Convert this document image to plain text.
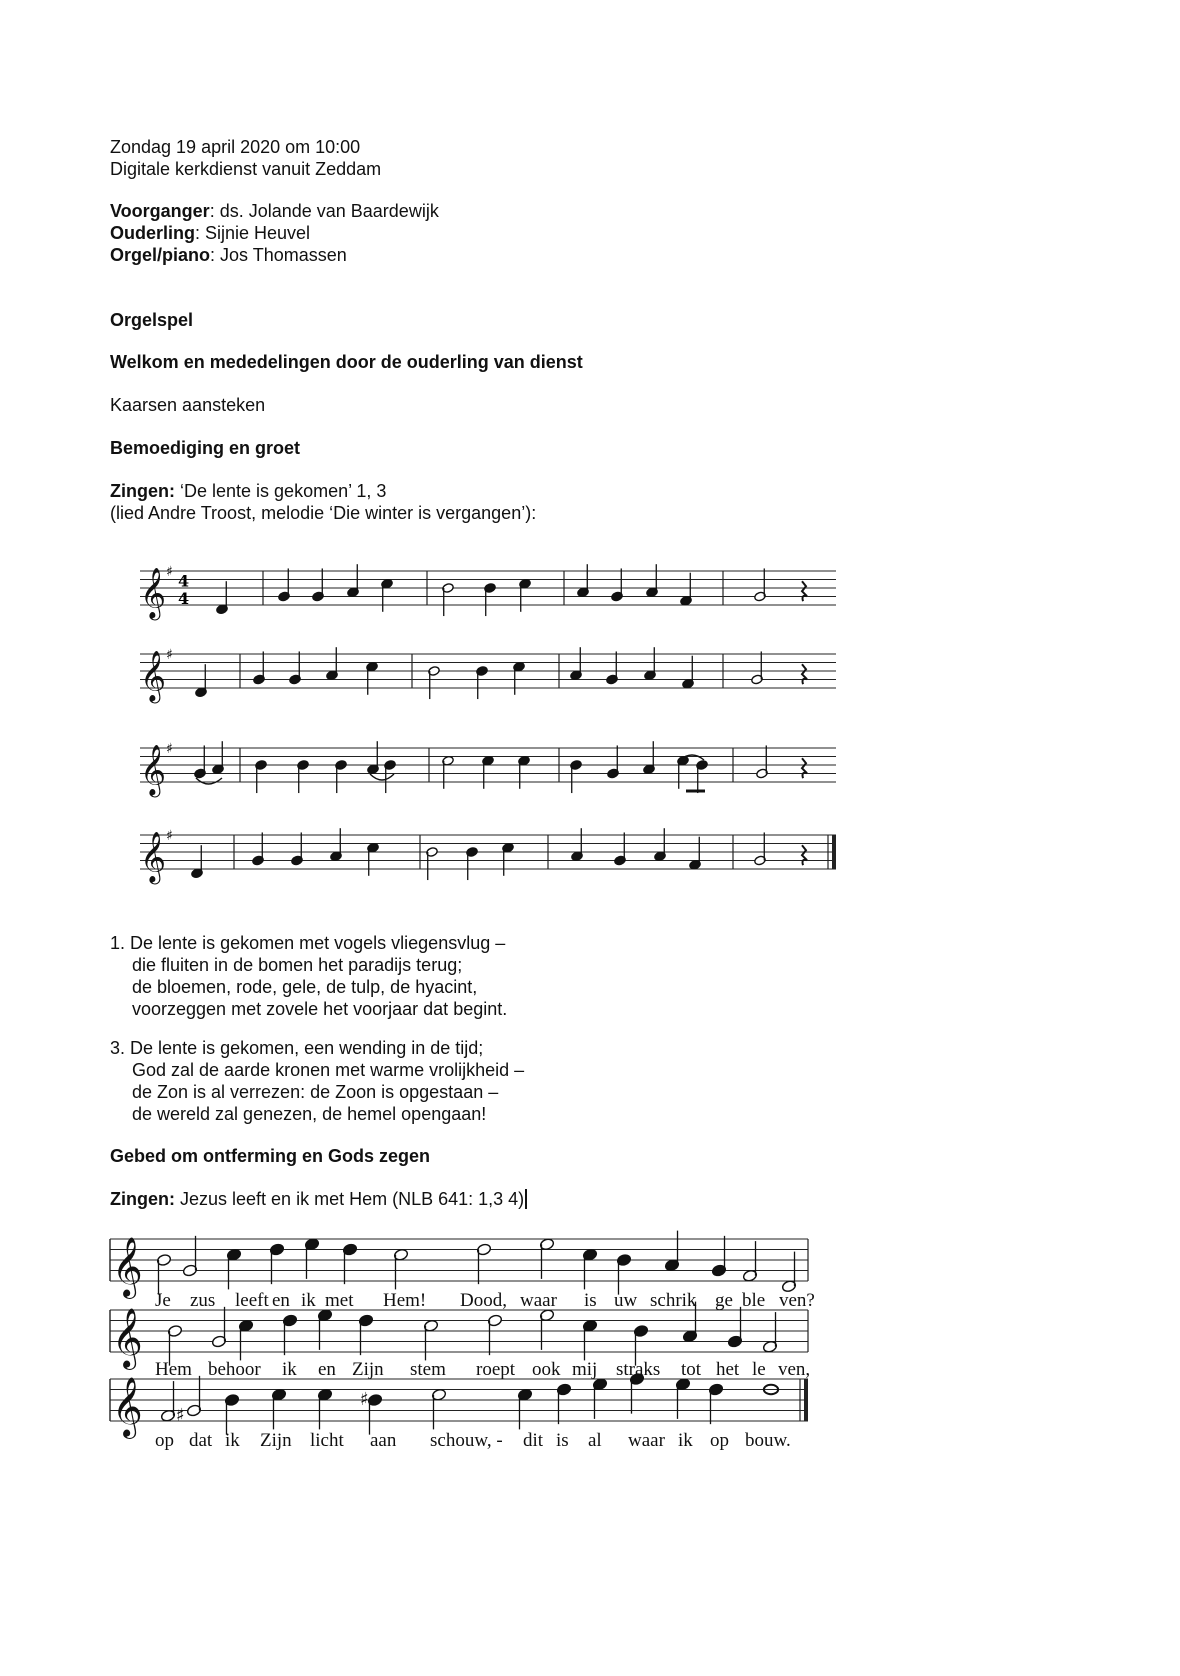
Zondag 19 april 2020 om 10:00
Digitale kerkdienst vanuit Zeddam
Voorganger: ds. Jolande van Baardewijk
Ouderling: Sijnie Heuvel
Orgel/piano: Jos Thomassen
Orgelspel
Welkom en mededelingen door de ouderling van dienst
Kaarsen aansteken
Bemoediging en groet
Zingen: ‘De lente is gekomen’ 1, 3
(lied Andre Troost, melodie ‘Die winter is vergangen’):
𝄞 ♯ 4
4
𝄞 ♯
𝄞 ♯
𝄞 ♯
1. De lente is gekomen met vogels vliegensvlug –
die fluiten in de bomen het paradijs terug;
de bloemen, rode, gele, de tulp, de hyacint,
voorzeggen met zovele het voorjaar dat begint.
3. De lente is gekomen, een wending in de tijd;
God zal de aarde kronen met warme vrolijkheid –
de Zon is al verrezen: de Zoon is opgestaan –
de wereld zal genezen, de hemel opengaan!
Gebed om ontferming en Gods zegen
Zingen: Jezus leeft en ik met Hem (NLB 641: 1,3 4)
𝄞
𝄞
𝄞 ♯
♯
Je zus leeft en ik met Hem! Dood, waar is uw schrik ge ble ven?
Hem behoor ik en Zijn stem roept ook mij straks tot het le ven,
op dat ik Zijn licht aan schouw, - dit is al waar ik op bouw.
